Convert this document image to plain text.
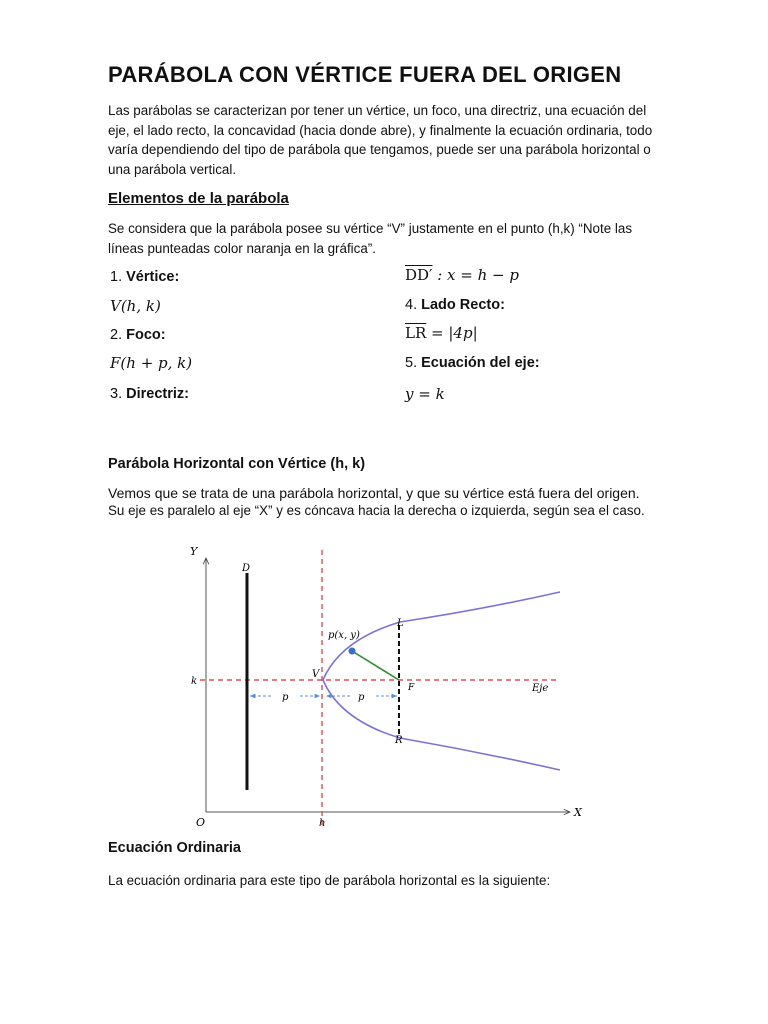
PARÁBOLA CON VÉRTICE FUERA DEL ORIGEN
Las parábolas se caracterizan por tener un vértice, un foco, una directriz, una ecuación del eje, el lado recto, la concavidad (hacia donde abre), y finalmente la ecuación ordinaria, todo varía dependiendo del tipo de parábola que tengamos, puede ser una parábola horizontal o una parábola vertical.
Elementos de la parábola
Se considera que la parábola posee su vértice “V” justamente en el punto (h,k) “Note las líneas punteadas color naranja en la gráfica”.
1. Vértice:
V(h, k)
2. Foco:
F(h + p, k)
3. Directriz:
DD′ : x = h − p
4. Lado Recto:
$\overline{LR} = |4p|$
5. Ecuación del eje:
y = k
Parábola Horizontal con Vértice (h, k)
Vemos que se trata de una parábola horizontal, y que su vértice está fuera del origen.
Su eje es paralelo al eje “X” y es cóncava hacia la derecha o izquierda, según sea el caso.
Y
X
O	h
k
D
p(x, y)
V
F
L
R
Eje
p	p
Ecuación Ordinaria
La ecuación ordinaria para este tipo de parábola horizontal es la siguiente:
